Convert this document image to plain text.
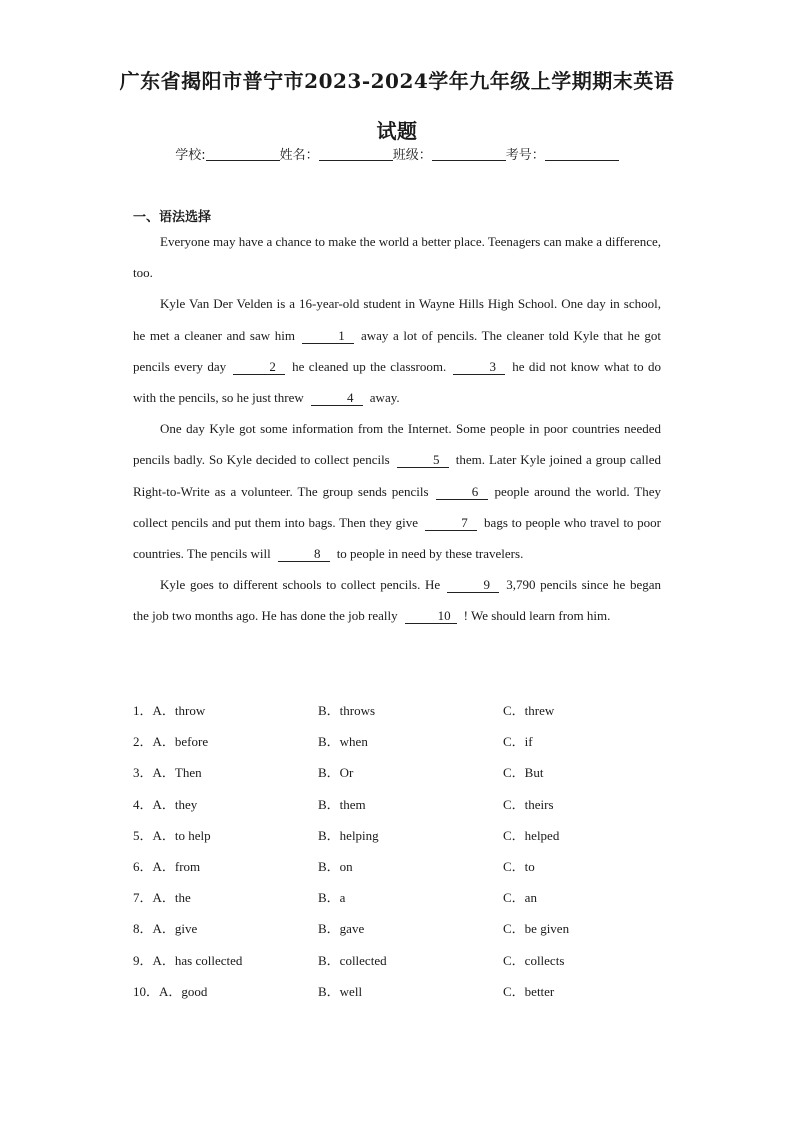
广东省揭阳市普宁市2023-2024学年九年级上学期期末英语
试题
学校:	姓名：	班级：	考号：
一、语法选择

Everyone may have a chance to make the world a better place. Teenagers can make a difference, too.

Kyle Van Der Velden is a 16-year-old student in Wayne Hills High School. One day in school, he met a cleaner and saw him	1 away a lot of pencils. The cleaner told Kyle that he got pencils every day	2 he cleaned up the classroom.	3 he did not know what to do with the pencils, so he just threw	4 away.

One day Kyle got some information from the Internet. Some people in poor countries needed pencils badly. So Kyle decided to collect pencils	5 them. Later Kyle joined a group called Right-to-Write as a volunteer. The group sends pencils	6 people around the world. They collect pencils and put them into bags. Then they give	7 bags to people who travel to poor countries. The pencils will	8 to people in need by these travelers.

Kyle goes to different schools to collect pencils. He	9 3,790 pencils since he began the job two months ago. He has done the job really	10 ! We should learn from him.

1．A．throw	B．throws	C．threw
2．A．before	B．when	C．if
3．A．Then	B．Or	C．But
4．A．they	B．them	C．theirs
5．A．to help	B．helping	C．helped
6．A．from	B．on	C．to
7．A．the	B．a	C．an
8．A．give	B．gave	C．be given
9．A．has collected	B．collected	C．collects
10．A．good	B．well	C．better
